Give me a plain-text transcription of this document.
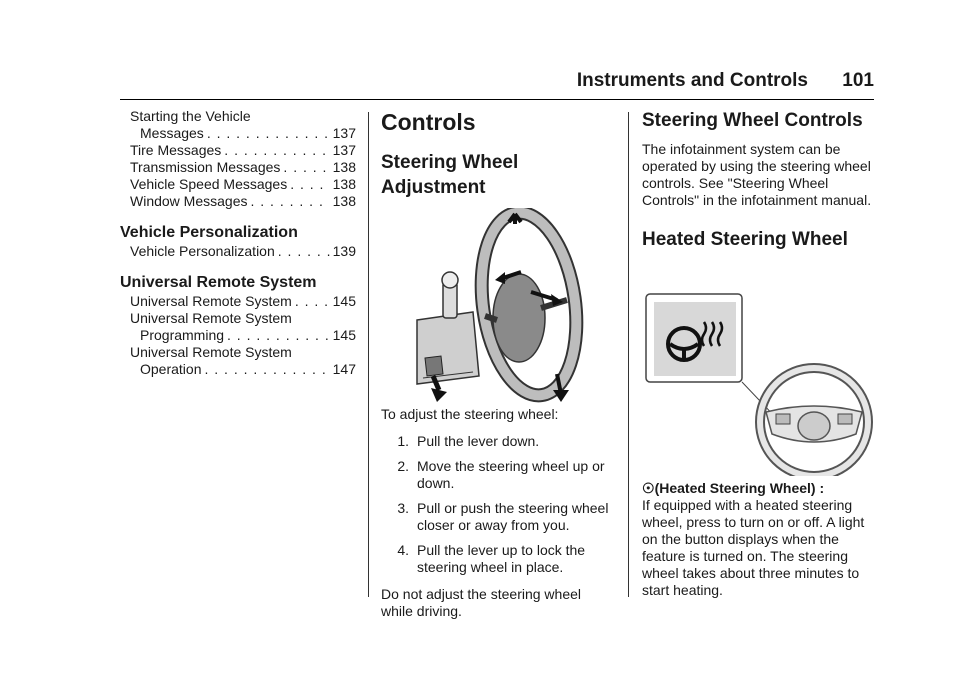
Instruments and Controls 101
Starting the Vehicle
Messages . . .	137
Tire Messages . . .	137
Transmission Messages . . .	138
Vehicle Speed Messages . . .	138
Window Messages . . .	138
Vehicle Personalization
Vehicle Personalization . . .	139
Universal Remote System
Universal Remote System . . .	145
Universal Remote System
Programming . . .	145
Universal Remote System
Operation . . .	147
Controls
Steering Wheel
Adjustment
To adjust the steering wheel:
1. Pull the lever down.
2. Move the steering wheel up or down.
3. Pull or push the steering wheel closer or away from you.
4. Pull the lever up to lock the steering wheel in place.
Do not adjust the steering wheel while driving.
Steering Wheel Controls
The infotainment system can be operated by using the steering wheel controls. See "Steering Wheel Controls" in the infotainment manual.
Heated Steering Wheel
☉(Heated Steering Wheel) :
If equipped with a heated steering wheel, press to turn on or off. A light on the button displays when the feature is turned on. The steering wheel takes about three minutes to start heating.
